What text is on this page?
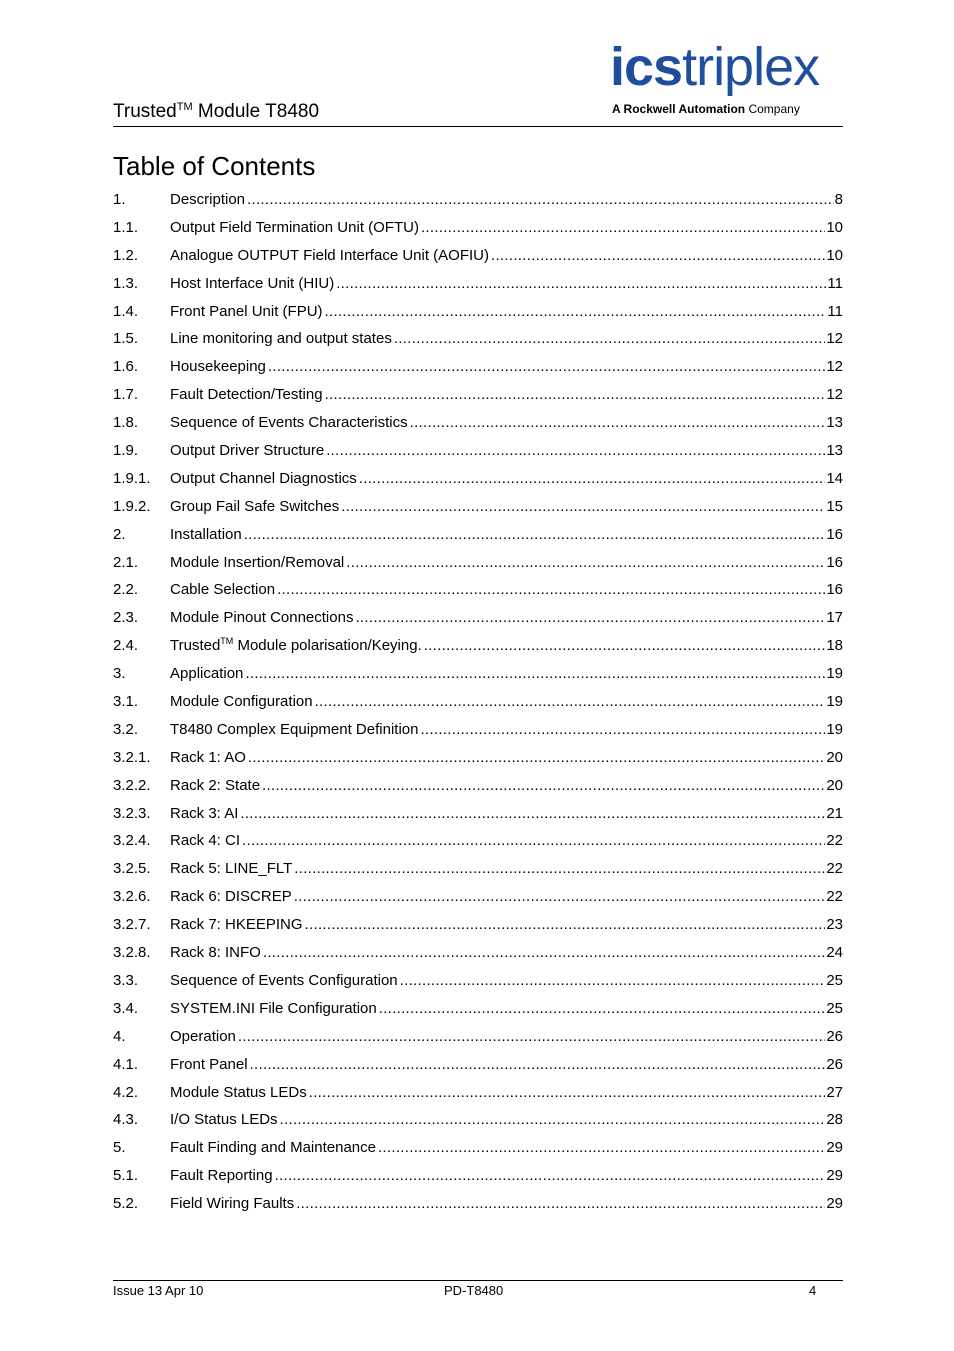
Trusted™ Module T8480
icstriplex
A Rockwell Automation Company
Table of Contents
1.	Description .....	8
1.1.	Output Field Termination Unit (OFTU) .....	10
1.2.	Analogue OUTPUT Field Interface Unit (AOFIU) .....	10
1.3.	Host Interface Unit (HIU) .....	11
1.4.	Front Panel Unit (FPU) .....	11
1.5.	Line monitoring and output states .....	12
1.6.	Housekeeping .....	12
1.7.	Fault Detection/Testing .....	12
1.8.	Sequence of Events Characteristics .....	13
1.9.	Output Driver Structure .....	13
1.9.1.	Output Channel Diagnostics .....	14
1.9.2.	Group Fail Safe Switches .....	15
2.	Installation .....	16
2.1.	Module Insertion/Removal .....	16
2.2.	Cable Selection .....	16
2.3.	Module Pinout Connections .....	17
2.4.	Trusted™ Module polarisation/Keying. .....	18
3.	Application .....	19
3.1.	Module Configuration .....	19
3.2.	T8480 Complex Equipment Definition .....	19
3.2.1.	Rack 1: AO .....	20
3.2.2.	Rack 2: State .....	20
3.2.3.	Rack 3: AI .....	21
3.2.4.	Rack 4: CI .....	22
3.2.5.	Rack 5: LINE_FLT .....	22
3.2.6.	Rack 6: DISCREP .....	22
3.2.7.	Rack 7: HKEEPING .....	23
3.2.8.	Rack 8: INFO .....	24
3.3.	Sequence of Events Configuration .....	25
3.4.	SYSTEM.INI File Configuration .....	25
4.	Operation .....	26
4.1.	Front Panel .....	26
4.2.	Module Status LEDs .....	27
4.3.	I/O Status LEDs .....	28
5.	Fault Finding and Maintenance .....	29
5.1.	Fault Reporting .....	29
5.2.	Field Wiring Faults .....	29
Issue 13 Apr 10	PD-T8480	4
